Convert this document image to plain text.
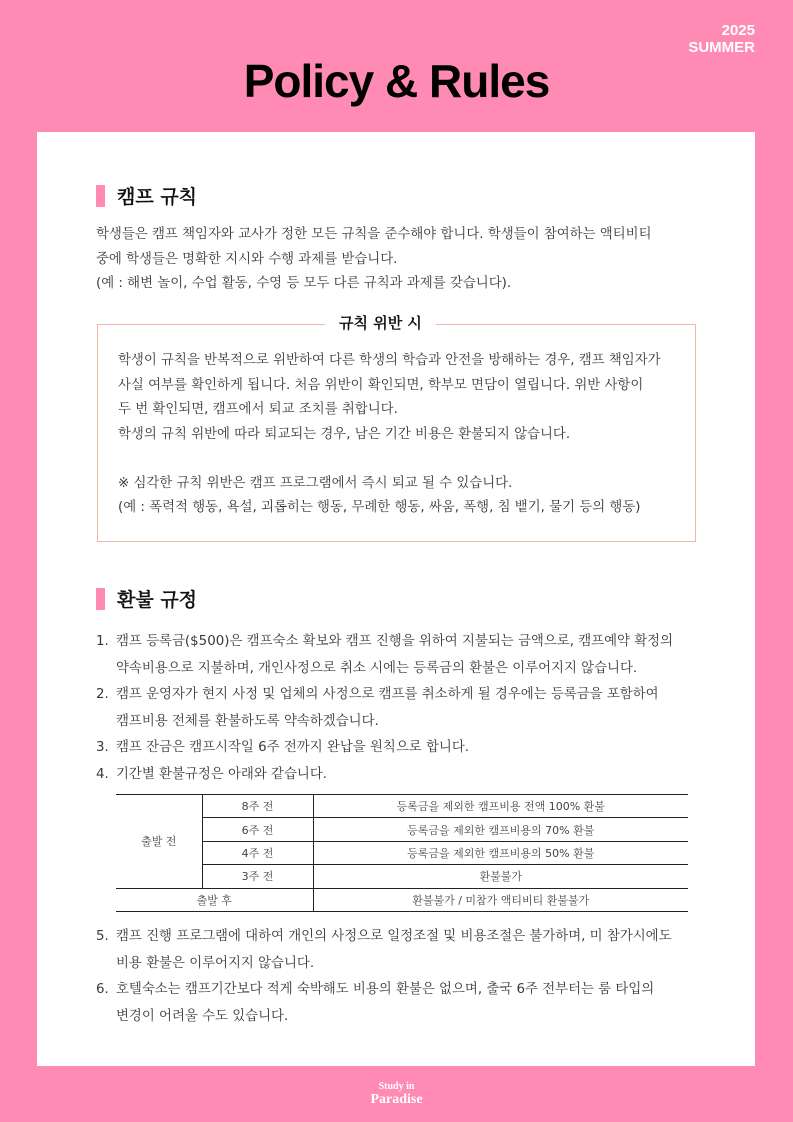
2025
SUMMER
Policy & Rules
캠프 규칙
학생들은 캠프 책임자와 교사가 정한 모든 규칙을 준수해야 합니다. 학생들이 참여하는 액티비티
중에 학생들은 명확한 지시와 수행 과제를 받습니다.
(예 : 해변 놀이, 수업 활동, 수영 등 모두 다른 규칙과 과제를 갖습니다).
규칙 위반 시
학생이 규칙을 반복적으로 위반하여 다른 학생의 학습과 안전을 방해하는 경우, 캠프 책임자가
사실 여부를 확인하게 됩니다. 처음 위반이 확인되면, 학부모 면담이 열립니다. 위반 사항이
두 번 확인되면, 캠프에서 퇴교 조치를 취합니다.
학생의 규칙 위반에 따라 퇴교되는 경우, 남은 기간 비용은 환불되지 않습니다.
※ 심각한 규칙 위반은 캠프 프로그램에서 즉시 퇴교 될 수 있습니다.
(예 : 폭력적 행동, 욕설, 괴롭히는 행동, 무례한 행동, 싸움, 폭행, 침 뱉기, 물기 등의 행동)
환불 규정
1. 캠프 등록금($500)은 캠프숙소 확보와 캠프 진행을 위하여 지불되는 금액으로, 캠프예약 확정의
약속비용으로 지불하며, 개인사정으로 취소 시에는 등록금의 환불은 이루어지지 않습니다.
2. 캠프 운영자가 현지 사정 및 업체의 사정으로 캠프를 취소하게 될 경우에는 등록금을 포함하여
캠프비용 전체를 환불하도록 약속하겠습니다.
3. 캠프 잔금은 캠프시작일 6주 전까지 완납을 원칙으로 합니다.
4. 기간별 환불규정은 아래와 같습니다.
출발 전	8주 전	등록금을 제외한 캠프비용 전액 100% 환불
	6주 전	등록금을 제외한 캠프비용의 70% 환불
	4주 전	등록금을 제외한 캠프비용의 50% 환불
	3주 전	환불불가
출발 후		환불불가 / 미참가 액티비티 환불불가
5. 캠프 진행 프로그램에 대하여 개인의 사정으로 일정조절 및 비용조절은 불가하며, 미 참가시에도
비용 환불은 이루어지지 않습니다.
6. 호텔숙소는 캠프기간보다 적게 숙박해도 비용의 환불은 없으며, 출국 6주 전부터는 룸 타입의
변경이 어려울 수도 있습니다.
Study in
Paradise
